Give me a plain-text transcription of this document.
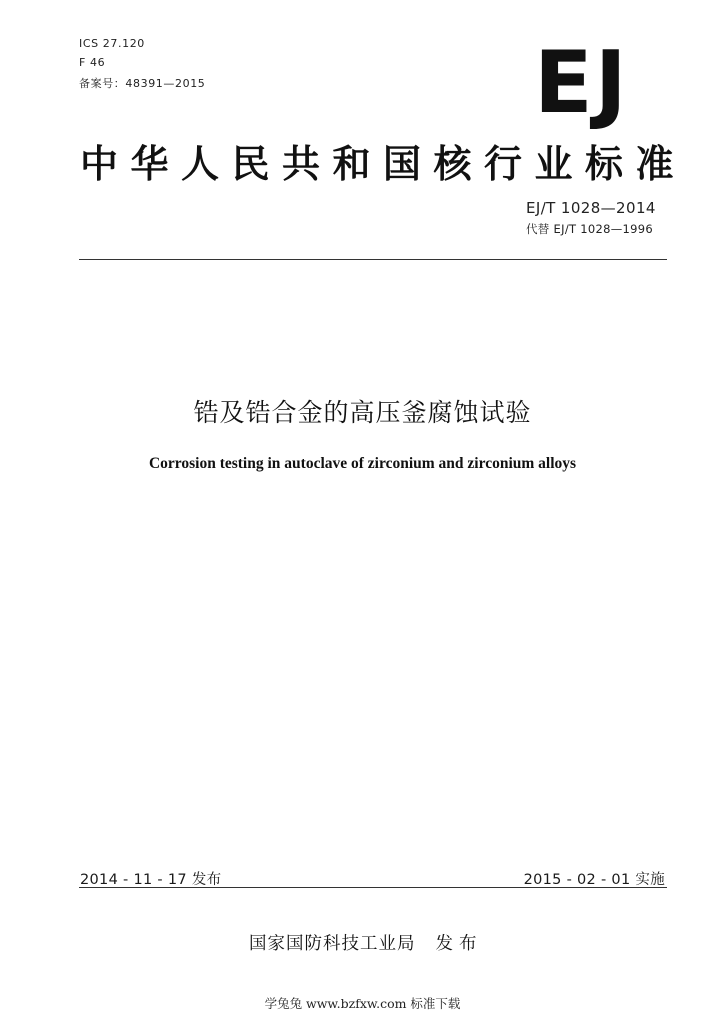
ICS 27.120
F 46
备案号：48391—2015	EJ
中华人民共和国核行业标准
EJ/T 1028—2014
代替 EJ/T 1028—1996
锆及锆合金的高压釜腐蚀试验
Corrosion testing in autoclave of zirconium and zirconium alloys
2014 - 11 - 17 发布	2015 - 02 - 01 实施
国家国防科技工业局 发布
学兔兔 www.bzfxw.com 标准下载
